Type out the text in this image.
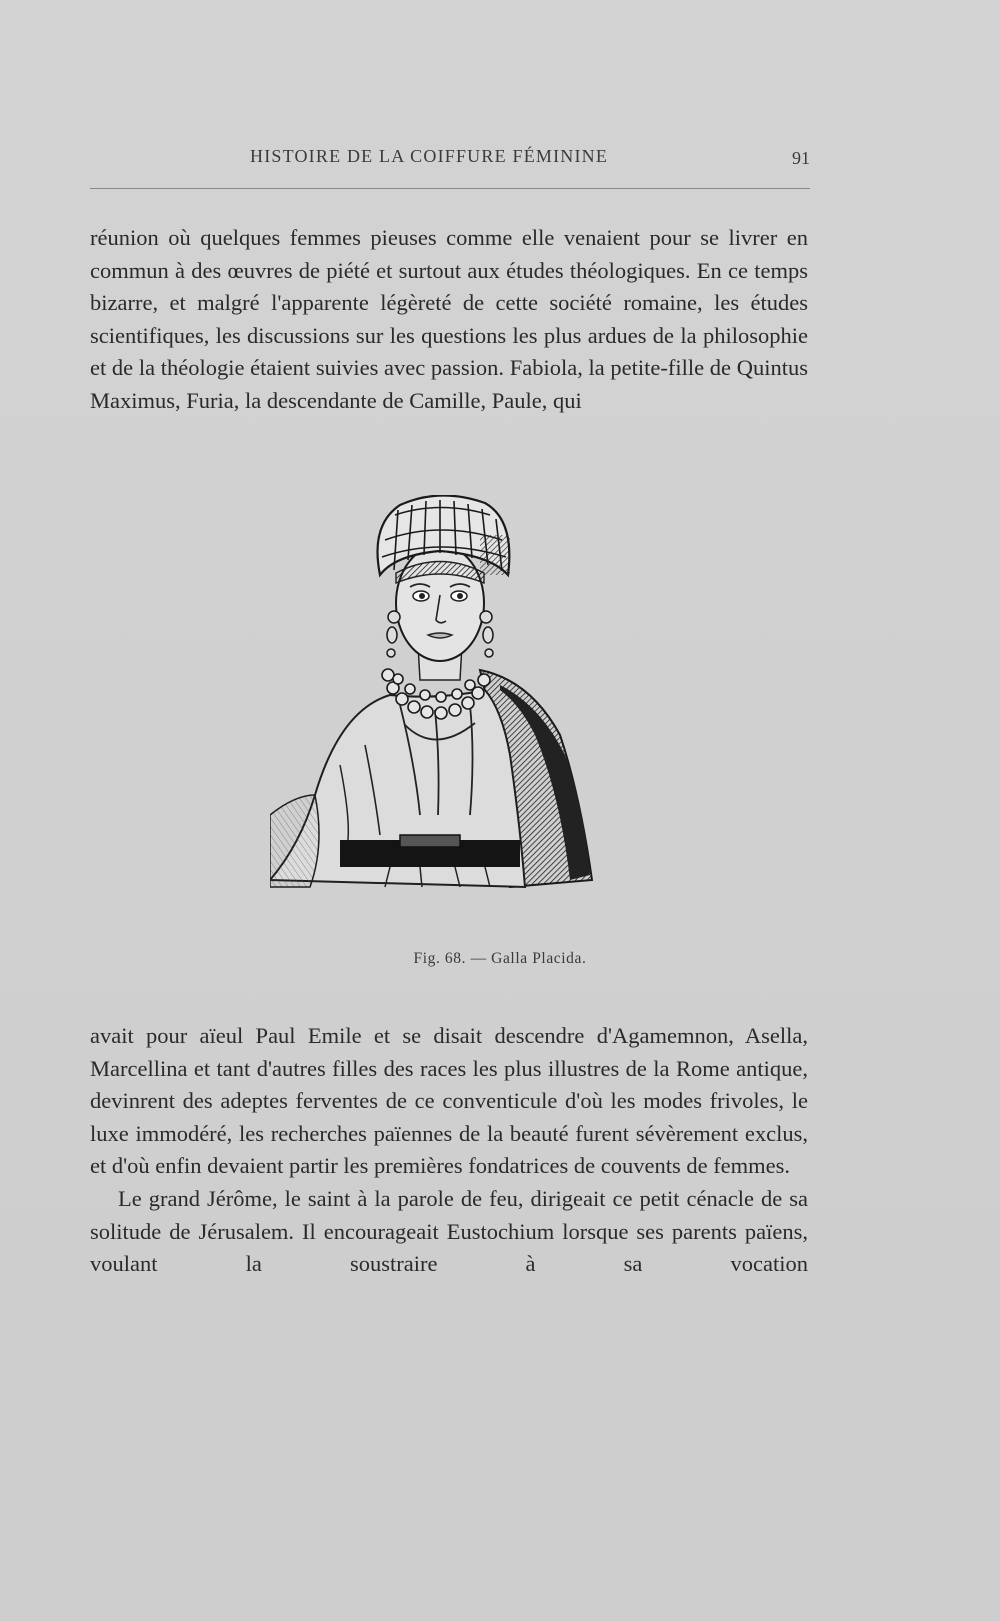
HISTOIRE DE LA COIFFURE FÉMININE	91

réunion où quelques femmes pieuses comme elle venaient pour se livrer en commun à des œuvres de piété et surtout aux études théologiques. En ce temps bizarre, et malgré l'apparente légèreté de cette société romaine, les études scientifiques, les discussions sur les questions les plus ardues de la philosophie et de la théologie étaient suivies avec passion. Fabiola, la petite-fille de Quintus Maximus, Furia, la descendante de Camille, Paule, qui

Fig. 68. — Galla Placida.

avait pour aïeul Paul Emile et se disait descendre d'Agamemnon, Asella, Marcellina et tant d'autres filles des races les plus illustres de la Rome antique, devinrent des adeptes ferventes de ce conventicule d'où les modes frivoles, le luxe immodéré, les recherches païennes de la beauté furent sévèrement exclus, et d'où enfin devaient partir les premières fondatrices de couvents de femmes.

Le grand Jérôme, le saint à la parole de feu, dirigeait ce petit cénacle de sa solitude de Jérusalem. Il encourageait Eustochium lorsque ses parents païens, voulant la soustraire à sa vocation
